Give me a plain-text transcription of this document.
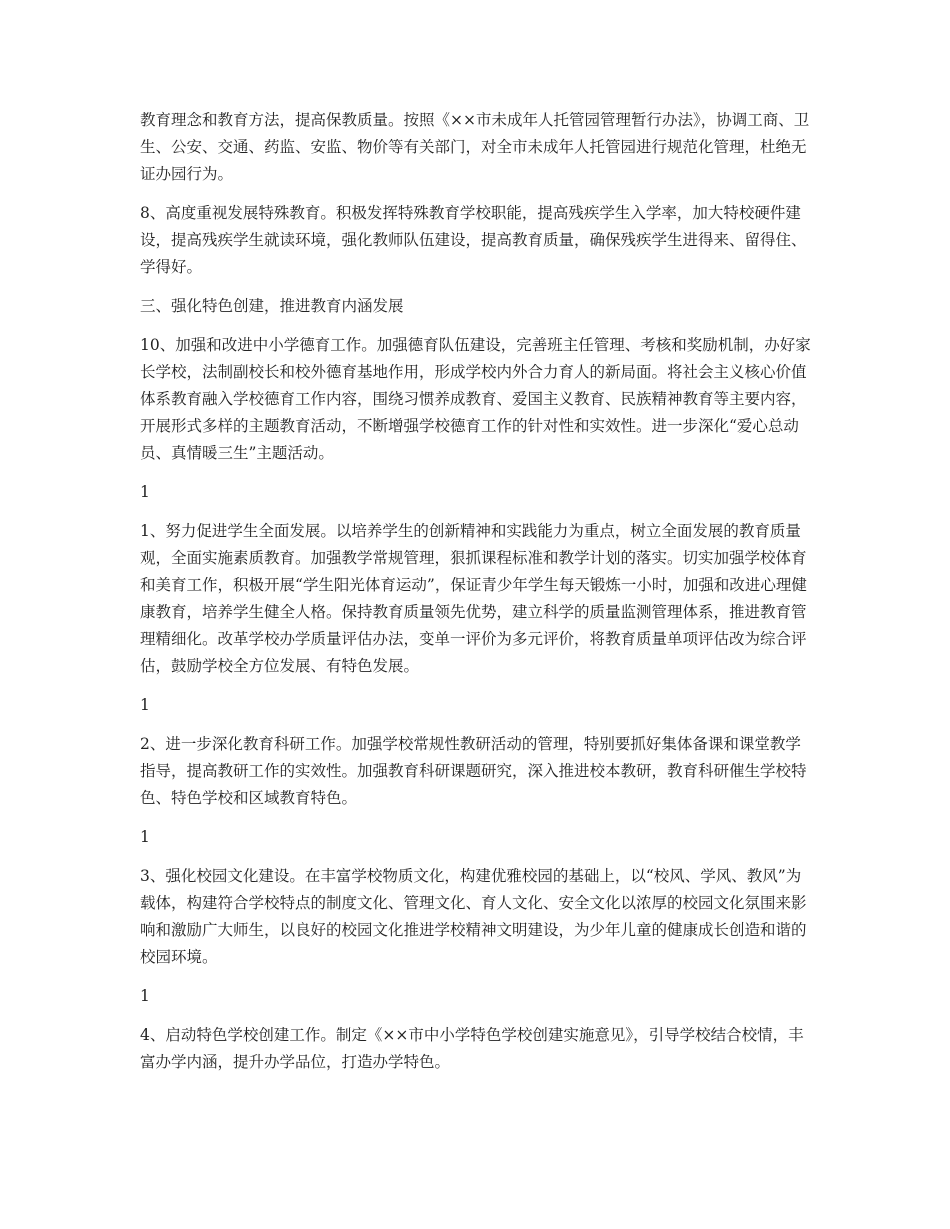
教育理念和教育方法，提高保教质量。按照《××市未成年人托管园管理暂行办法》，协调工商、卫生、公安、交通、药监、安监、物价等有关部门，对全市未成年人托管园进行规范化管理，杜绝无证办园行为。

8、高度重视发展特殊教育。积极发挥特殊教育学校职能，提高残疾学生入学率，加大特校硬件建设，提高残疾学生就读环境，强化教师队伍建设，提高教育质量，确保残疾学生进得来、留得住、学得好。

三、强化特色创建，推进教育内涵发展

10、加强和改进中小学德育工作。加强德育队伍建设，完善班主任管理、考核和奖励机制，办好家长学校，法制副校长和校外德育基地作用，形成学校内外合力育人的新局面。将社会主义核心价值体系教育融入学校德育工作内容，围绕习惯养成教育、爱国主义教育、民族精神教育等主要内容，开展形式多样的主题教育活动，不断增强学校德育工作的针对性和实效性。进一步深化“爱心总动员、真情暖三生”主题活动。

1

1、努力促进学生全面发展。以培养学生的创新精神和实践能力为重点，树立全面发展的教育质量观，全面实施素质教育。加强教学常规管理，狠抓课程标准和教学计划的落实。切实加强学校体育和美育工作，积极开展“学生阳光体育运动”，保证青少年学生每天锻炼一小时，加强和改进心理健康教育，培养学生健全人格。保持教育质量领先优势，建立科学的质量监测管理体系，推进教育管理精细化。改革学校办学质量评估办法，变单一评价为多元评价，将教育质量单项评估改为综合评估，鼓励学校全方位发展、有特色发展。

1

2、进一步深化教育科研工作。加强学校常规性教研活动的管理，特别要抓好集体备课和课堂教学指导，提高教研工作的实效性。加强教育科研课题研究，深入推进校本教研，教育科研催生学校特色、特色学校和区域教育特色。

1

3、强化校园文化建设。在丰富学校物质文化，构建优雅校园的基础上，以“校风、学风、教风”为载体，构建符合学校特点的制度文化、管理文化、育人文化、安全文化以浓厚的校园文化氛围来影响和激励广大师生，以良好的校园文化推进学校精神文明建设，为少年儿童的健康成长创造和谐的校园环境。

1

4、启动特色学校创建工作。制定《××市中小学特色学校创建实施意见》，引导学校结合校情，丰富办学内涵，提升办学品位，打造办学特色。
